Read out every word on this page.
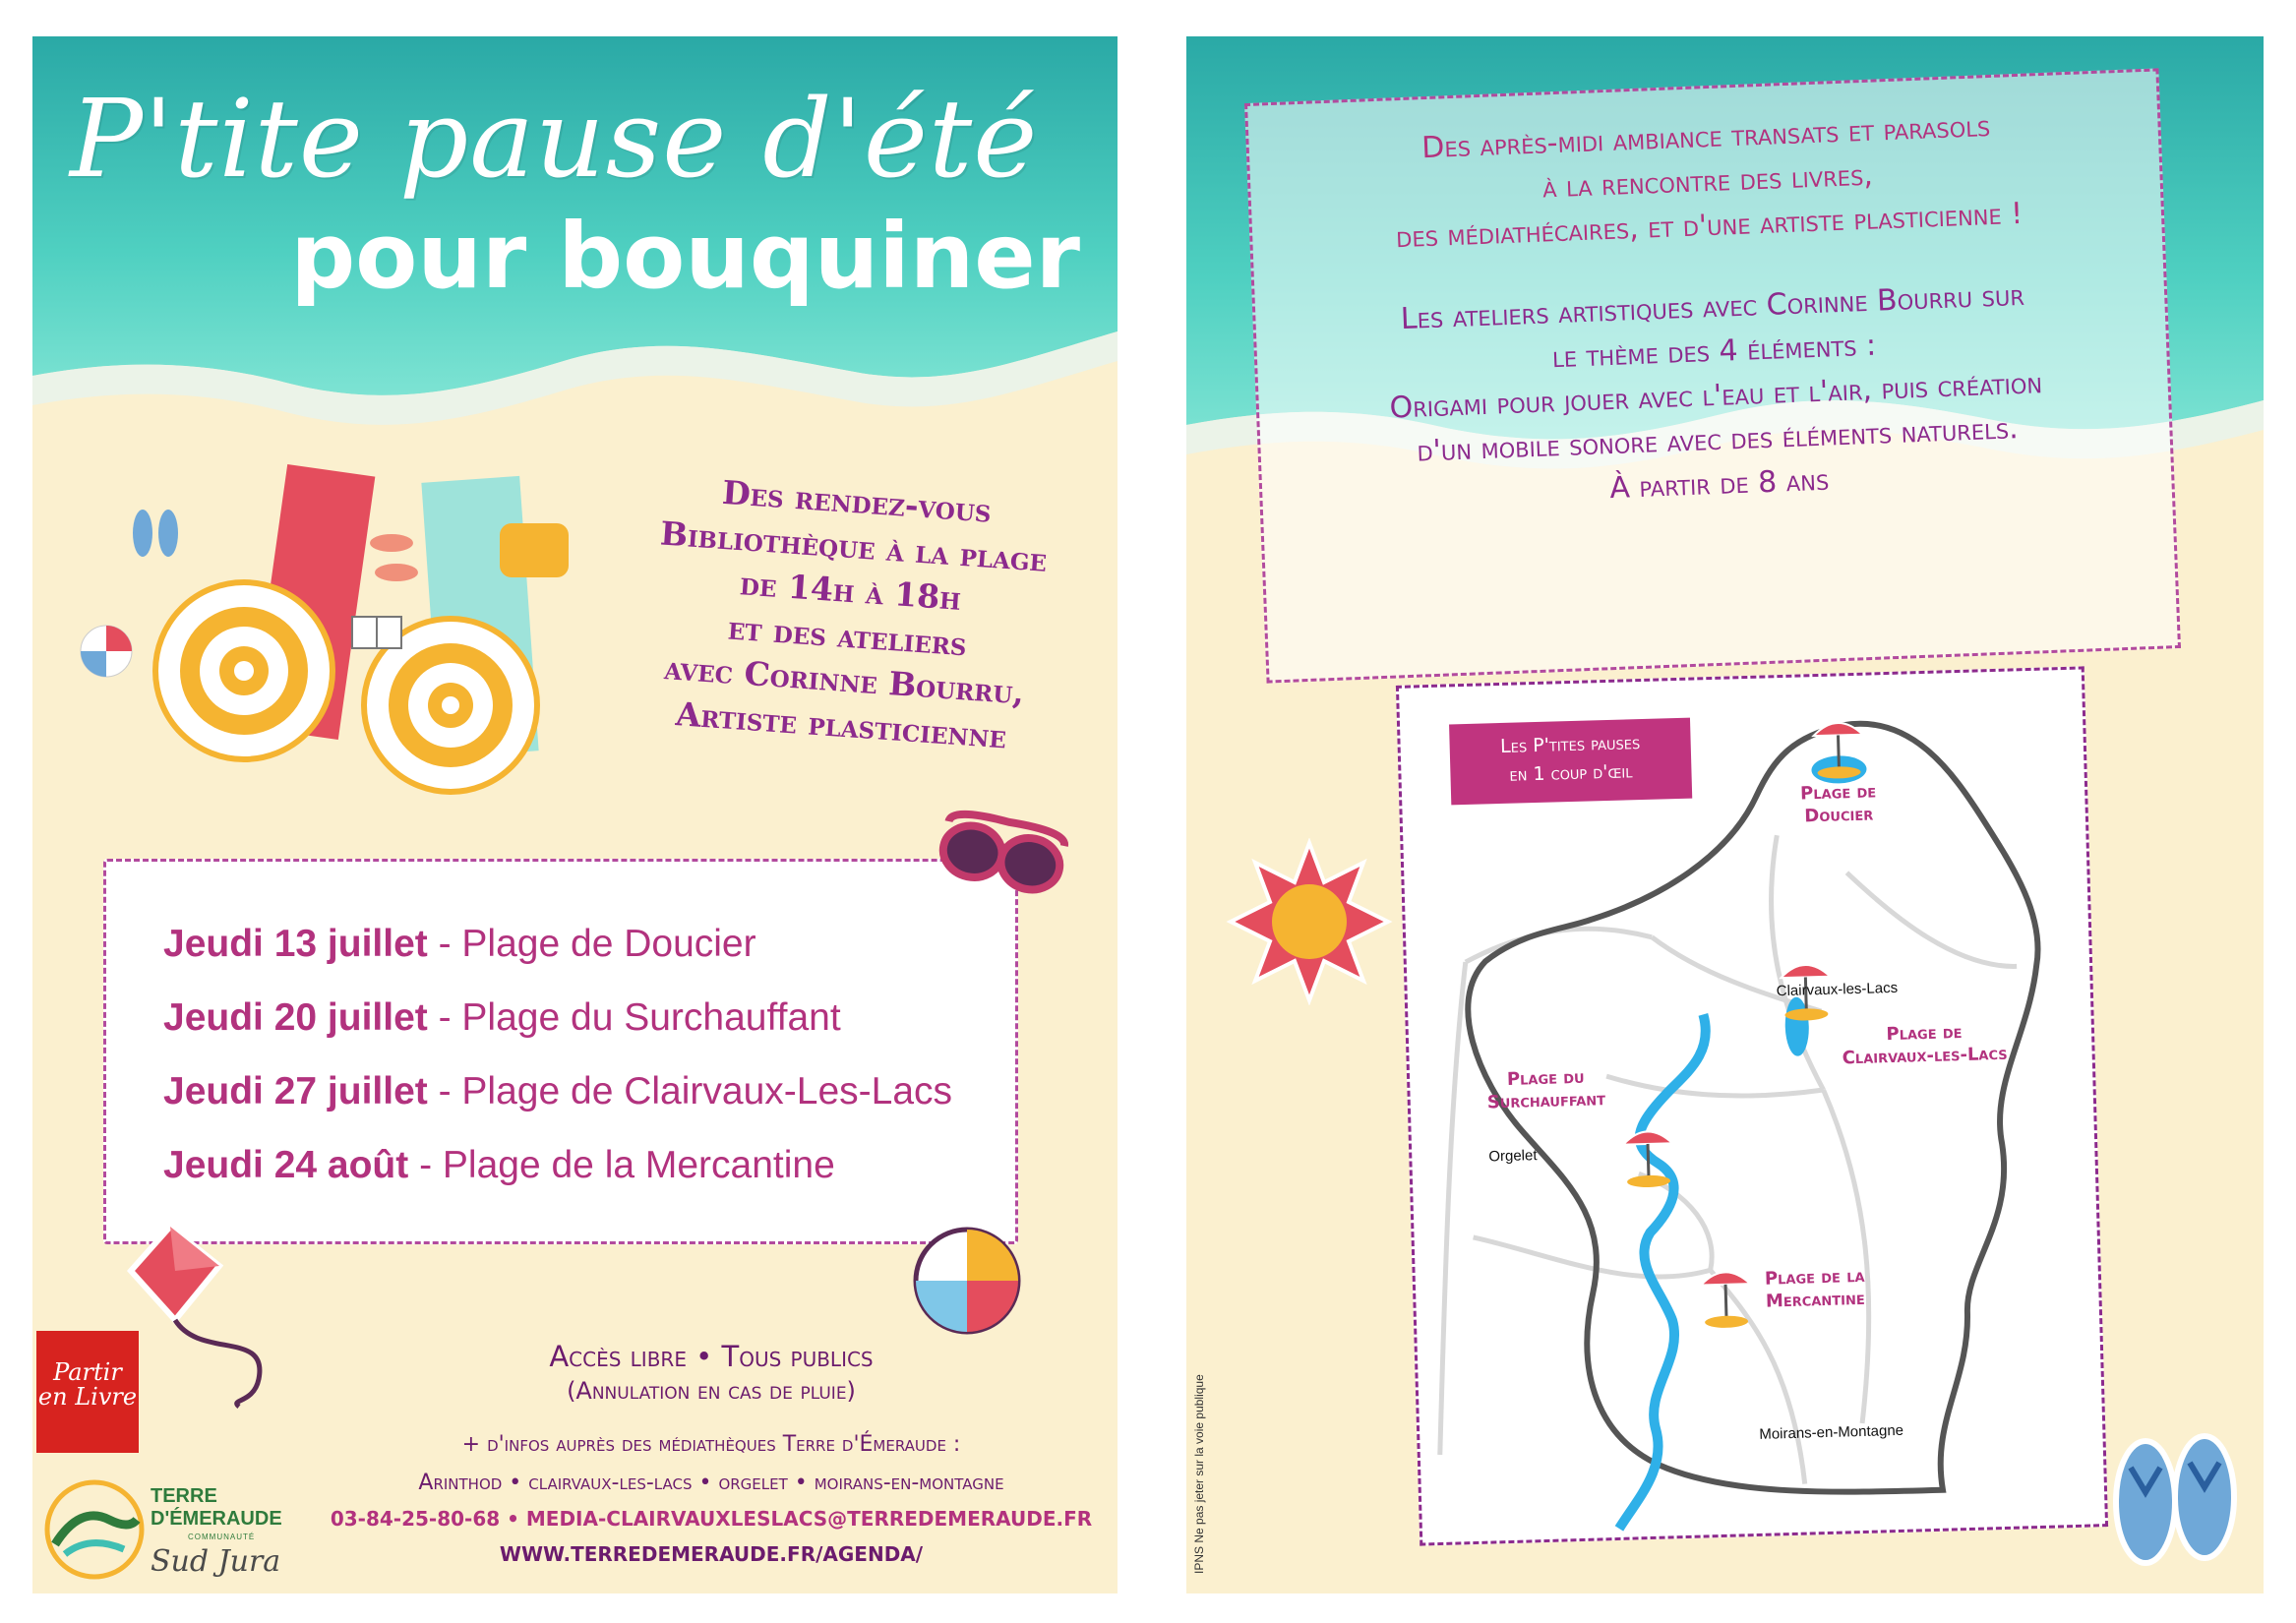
P'tite pause d'été
pour bouquiner
Des rendez-vous
Bibliothèque à la plage
de 14h à 18h
et des ateliers
avec Corinne Bourru,
Artiste plasticienne
Jeudi 13 juillet - Plage de Doucier
Jeudi 20 juillet - Plage du Surchauffant
Jeudi 27 juillet - Plage de Clairvaux-Les-Lacs
Jeudi 24 août - Plage de la Mercantine
Partir en Livre
TERRE
D'ÉMERAUDE
COMMUNAUTÉ
Sud Jura
Accès libre • Tous publics
(Annulation en cas de pluie)
+ d'infos auprès des médiathèques Terre d'Émeraude :
Arinthod • clairvaux-les-lacs • orgelet • moirans-en-montagne
03-84-25-80-68 • MEDIA-CLAIRVAUXLESLACS@TERREDEMERAUDE.FR
WWW.TERREDEMERAUDE.FR/AGENDA/
Des après-midi ambiance transats et parasols
à la rencontre des livres,
des médiathécaires, et d'une artiste plasticienne !
Les ateliers artistiques avec Corinne Bourru sur
le thème des 4 éléments :
Origami pour jouer avec l'eau et l'air, puis création
d'un mobile sonore avec des éléments naturels.
À partir de 8 ans
Les P'tites pauses
en 1 coup d'œil
Plage de
Doucier
Plage de
Clairvaux-les-Lacs
Plage du
Surchauffant
Plage de la
Mercantine
Clairvaux-les-Lacs
Orgelet
Moirans-en-Montagne
IPNS Ne pas jeter sur la voie publique
